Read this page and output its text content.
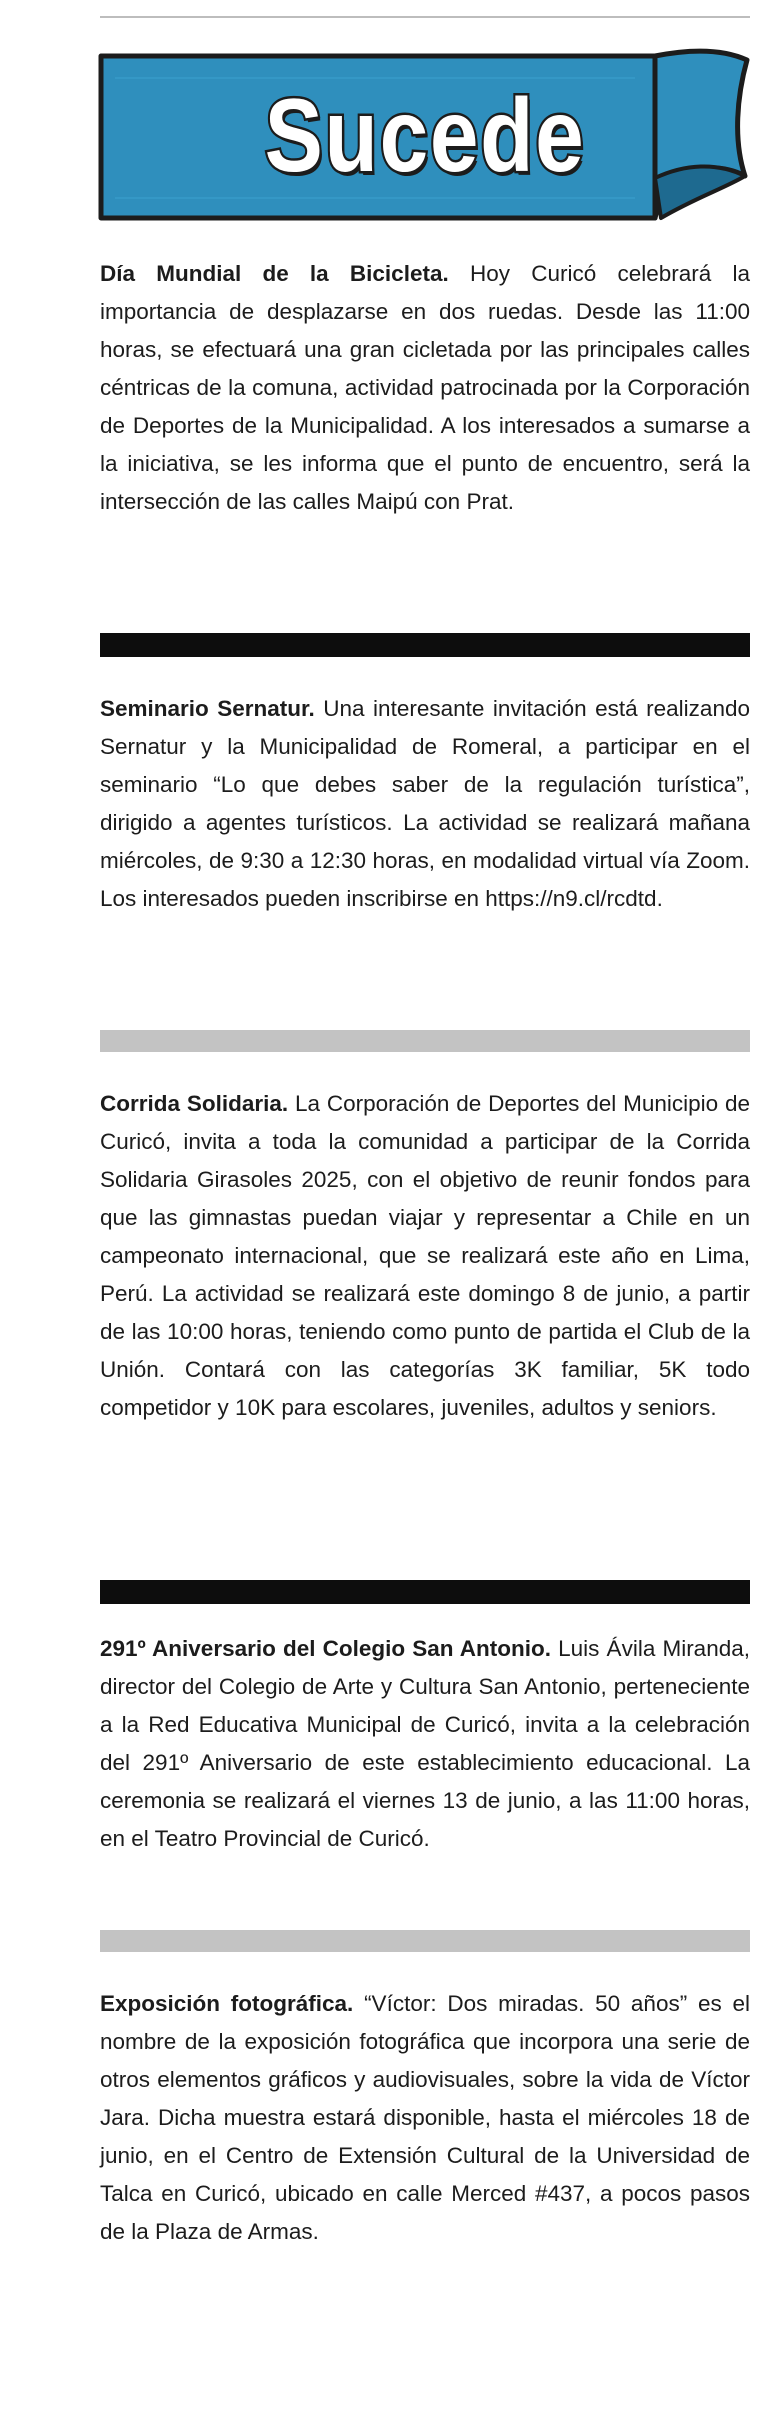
Sucede

Día Mundial de la Bicicleta. Hoy Curicó celebrará la importancia de desplazarse en dos ruedas. Desde las 11:00 horas, se efectuará una gran cicletada por las principales calles céntricas de la comuna, actividad patrocinada por la Corporación de Deportes de la Municipalidad. A los interesados a sumarse a la iniciativa, se les informa que el punto de encuentro, será la intersección de las calles Maipú con Prat.

Seminario Sernatur. Una interesante invitación está realizando Sernatur y la Municipalidad de Romeral, a participar en el seminario “Lo que debes saber de la regulación turística”, dirigido a agentes turísticos. La actividad se realizará mañana miércoles, de 9:30 a 12:30 horas, en modalidad virtual vía Zoom. Los interesados pueden inscribirse en https://n9.cl/rcdtd.

Corrida Solidaria. La Corporación de Deportes del Municipio de Curicó, invita a toda la comunidad a participar de la Corrida Solidaria Girasoles 2025, con el objetivo de reunir fondos para que las gimnastas puedan viajar y representar a Chile en un campeonato internacional, que se realizará este año en Lima, Perú. La actividad se realizará este domingo 8 de junio, a partir de las 10:00 horas, teniendo como punto de partida el Club de la Unión. Contará con las categorías 3K familiar, 5K todo competidor y 10K para escolares, juveniles, adultos y seniors.

291º Aniversario del Colegio San Antonio. Luis Ávila Miranda, director del Colegio de Arte y Cultura San Antonio, perteneciente a la Red Educativa Municipal de Curicó, invita a la celebración del 291º Aniversario de este establecimiento educacional. La ceremonia se realizará el viernes 13 de junio, a las 11:00 horas, en el Teatro Provincial de Curicó.

Exposición fotográfica. “Víctor: Dos miradas. 50 años” es el nombre de la exposición fotográfica que incorpora una serie de otros elementos gráficos y audiovisuales, sobre la vida de Víctor Jara. Dicha muestra estará disponible, hasta el miércoles 18 de junio, en el Centro de Extensión Cultural de la Universidad de Talca en Curicó, ubicado en calle Merced #437, a pocos pasos de la Plaza de Armas.
